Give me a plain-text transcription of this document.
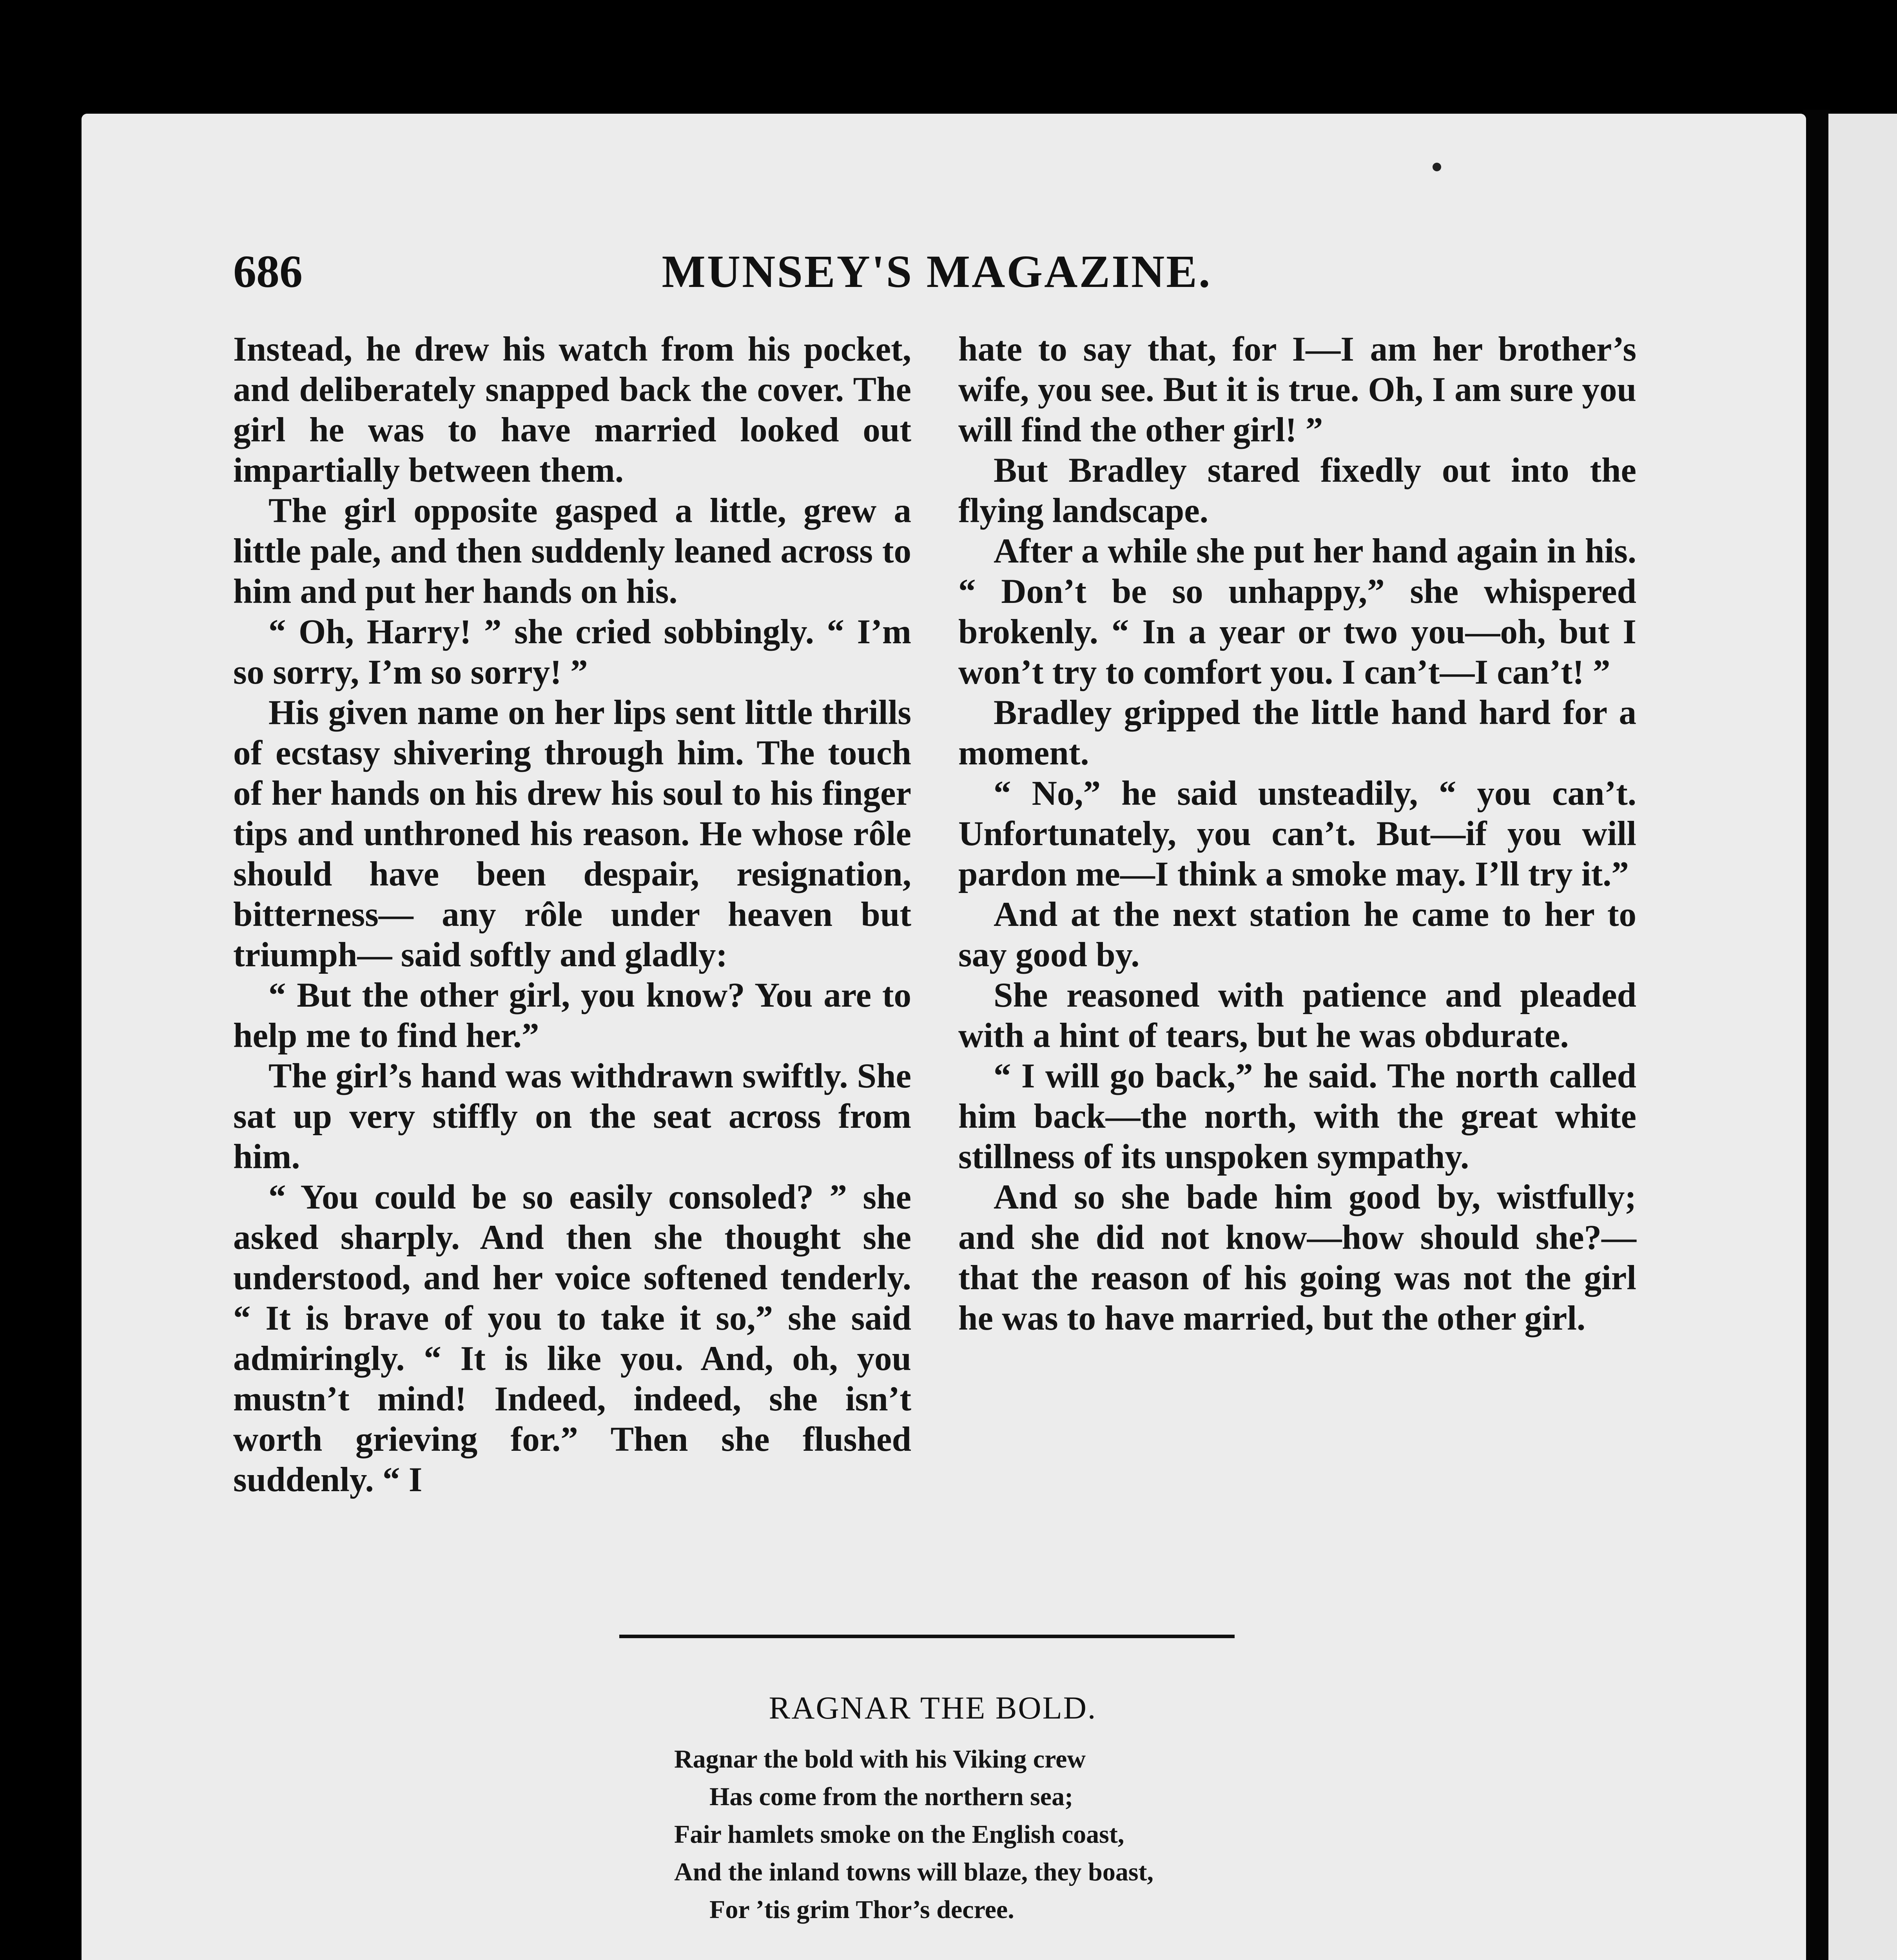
686	MUNSEY'S MAGAZINE.

Instead, he drew his watch from his pocket, and deliberately snapped back the cover. The girl he was to have married looked out impartially between them.

The girl opposite gasped a little, grew a little pale, and then suddenly leaned across to him and put her hands on his.

“ Oh, Harry! ” she cried sobbingly. “ I’m so sorry, I’m so sorry! ”

His given name on her lips sent little thrills of ecstasy shivering through him. The touch of her hands on his drew his soul to his finger tips and unthroned his reason. He whose rôle should have been despair, resignation, bitterness— any rôle under heaven but triumph— said softly and gladly:

“ But the other girl, you know? You are to help me to find her.”

The girl’s hand was withdrawn swiftly. She sat up very stiffly on the seat across from him.

“ You could be so easily consoled? ” she asked sharply. And then she thought she understood, and her voice softened tenderly. “ It is brave of you to take it so,” she said admiringly. “ It is like you. And, oh, you mustn’t mind! Indeed, indeed, she isn’t worth grieving for.” Then she flushed suddenly. “ I

hate to say that, for I—I am her brother’s wife, you see. But it is true. Oh, I am sure you will find the other girl! ”

But Bradley stared fixedly out into the flying landscape.

After a while she put her hand again in his. “ Don’t be so unhappy,” she whispered brokenly. “ In a year or two you—oh, but I won’t try to comfort you. I can’t—I can’t! ”

Bradley gripped the little hand hard for a moment.

“ No,” he said unsteadily, “ you can’t. Unfortunately, you can’t. But—if you will pardon me—I think a smoke may. I’ll try it.”

And at the next station he came to her to say good by.

She reasoned with patience and pleaded with a hint of tears, but he was obdurate.

“ I will go back,” he said. The north called him back—the north, with the great white stillness of its unspoken sympathy.

And so she bade him good by, wistfully; and she did not know—how should she?—that the reason of his going was not the girl he was to have married, but the other girl.

RAGNAR THE BOLD.
Ragnar the bold with his Viking crew
Has come from the northern sea;
Fair hamlets smoke on the English coast,
And the inland towns will blaze, they boast,
For ’tis grim Thor’s decree.
